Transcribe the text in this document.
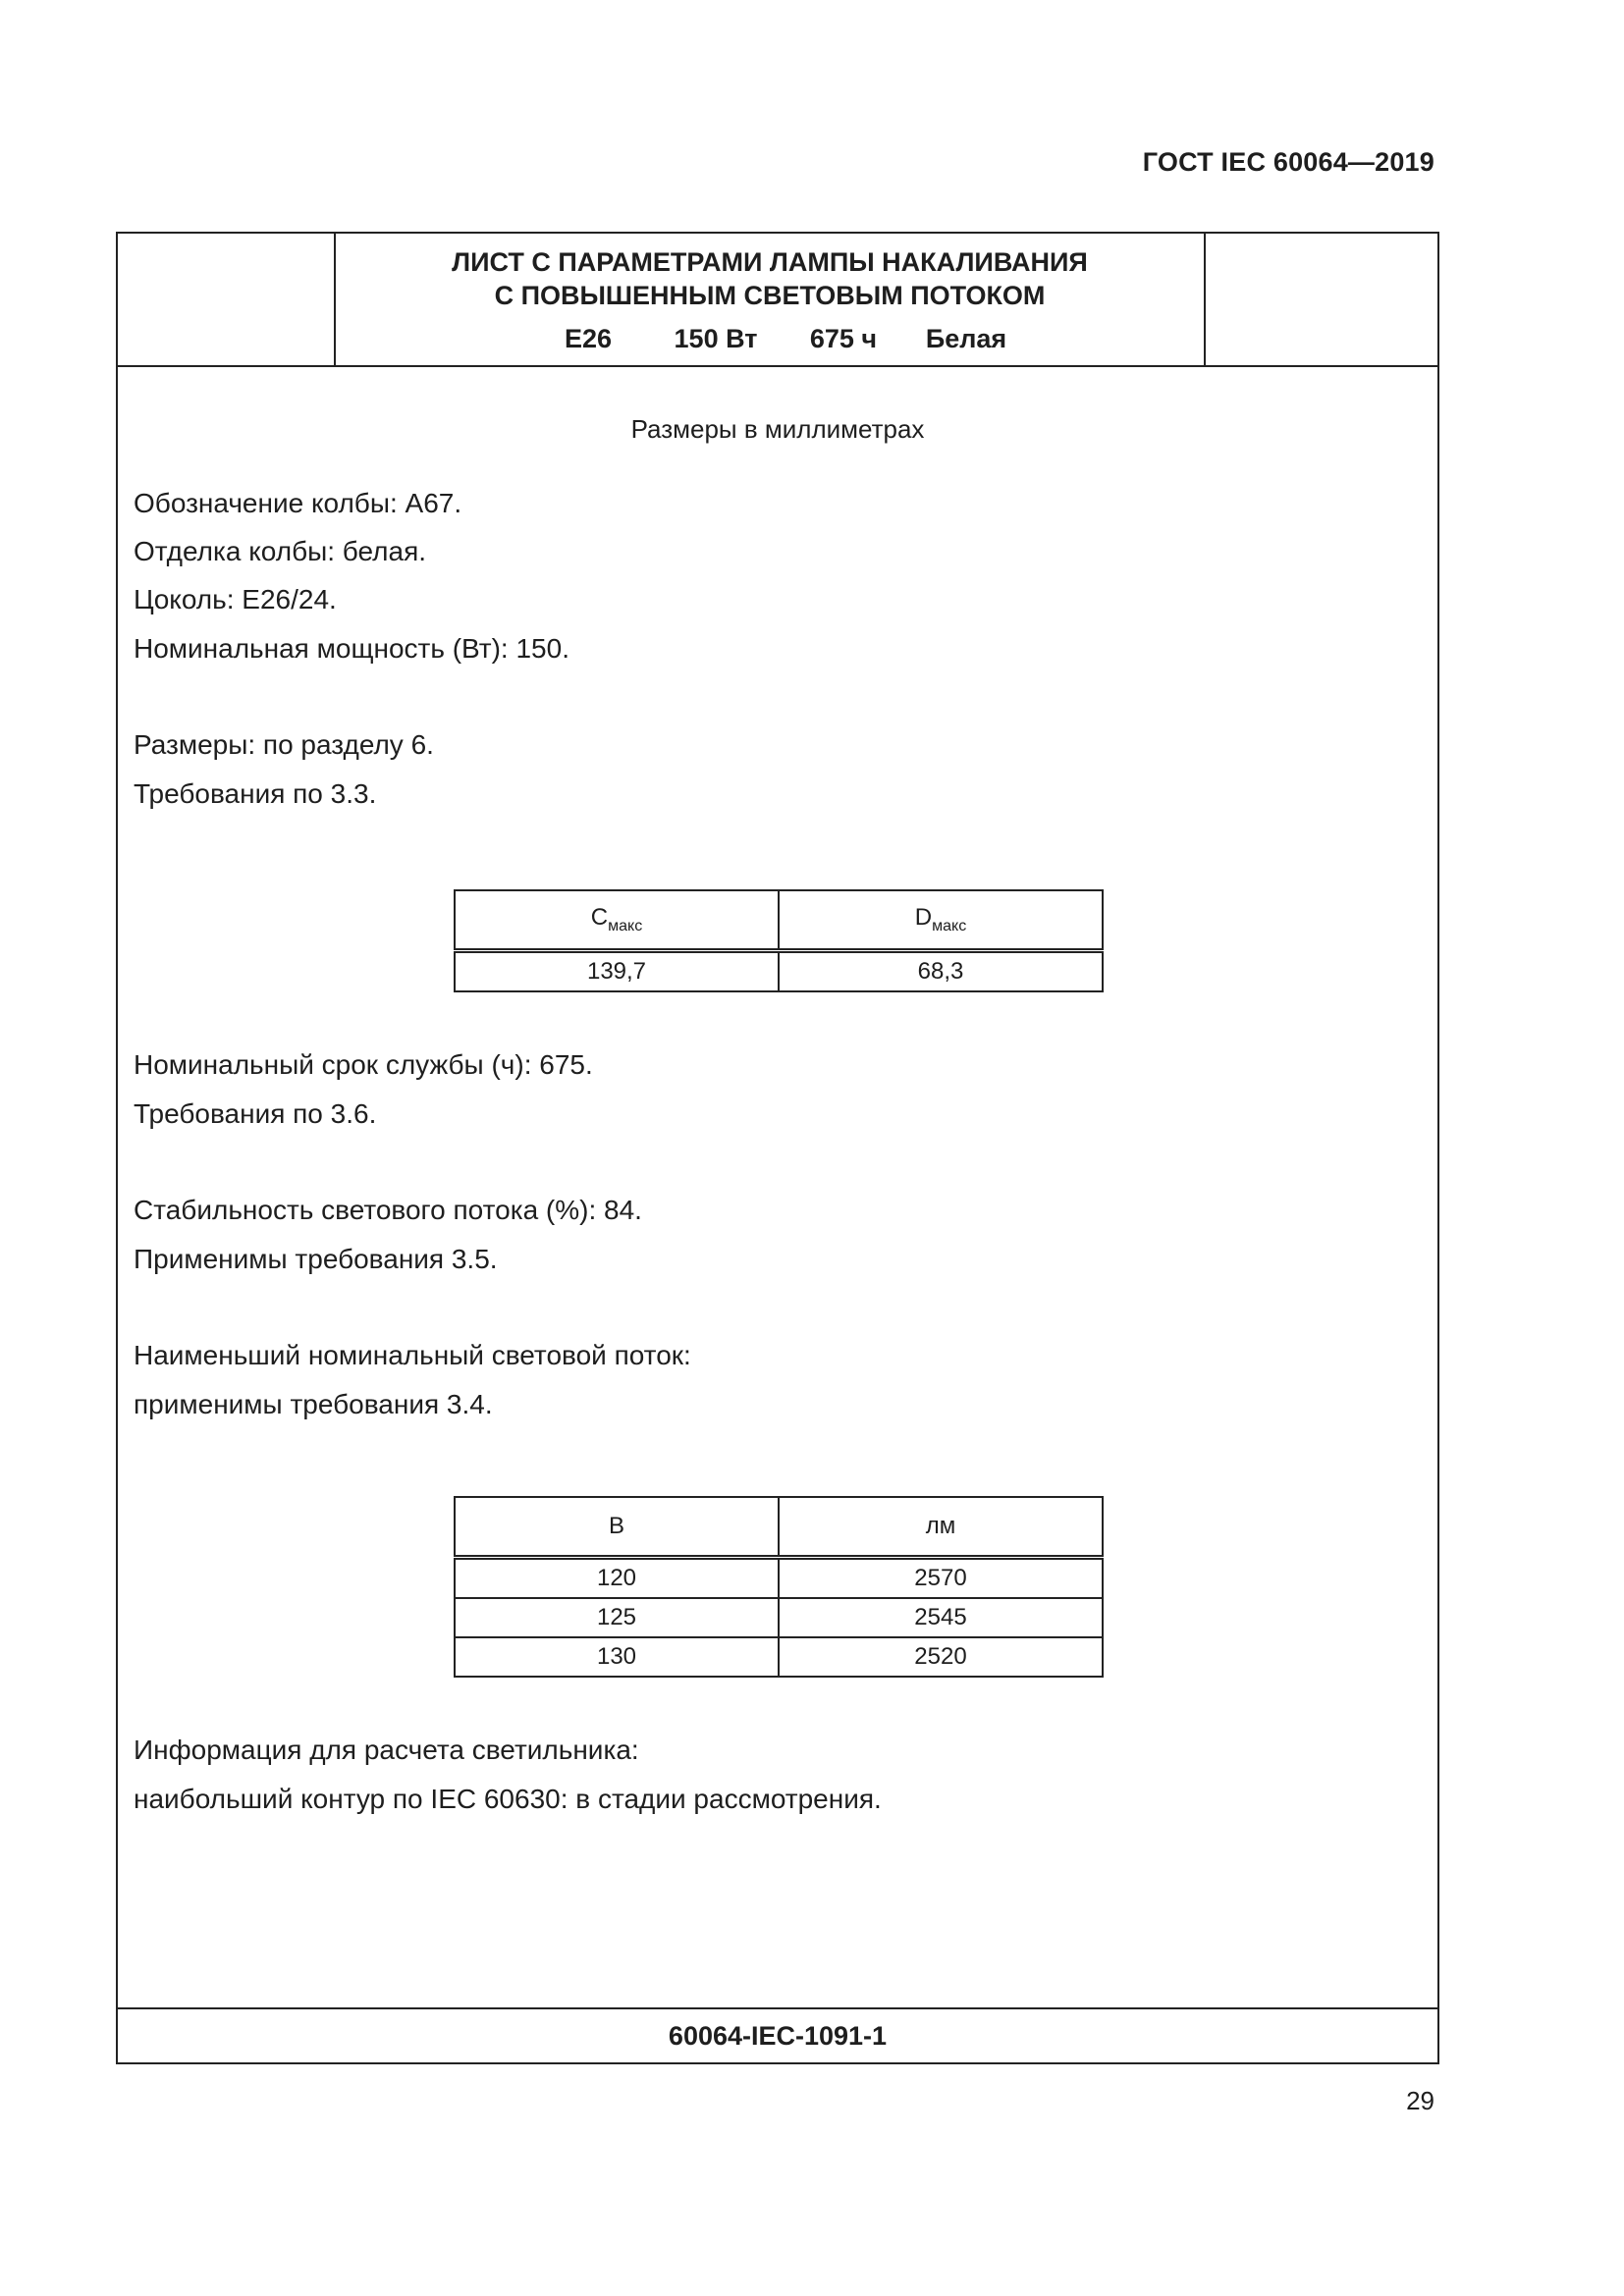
ГОСТ IEC 60064—2019
ЛИСТ С ПАРАМЕТРАМИ ЛАМПЫ НАКАЛИВАНИЯ
С ПОВЫШЕННЫМ СВЕТОВЫМ ПОТОКОМ
E26	150 Вт	675 ч	Белая
Размеры в миллиметрах
Обозначение колбы: А67.
Отделка колбы: белая.
Цоколь: E26/24.
Номинальная мощность (Вт): 150.
Размеры: по разделу 6.
Требования по 3.3.
$C_{макс}$	$D_{макс}$
139,7	68,3
Номинальный срок службы (ч): 675.
Требования по 3.6.
Стабильность светового потока (%): 84.
Применимы требования 3.5.
Наименьший номинальный световой поток:
применимы требования 3.4.
В	лм
120	2570
125	2545
130	2520
Информация для расчета светильника:
наибольший контур по IEC 60630: в стадии рассмотрения.
60064-IEC-1091-1
29
